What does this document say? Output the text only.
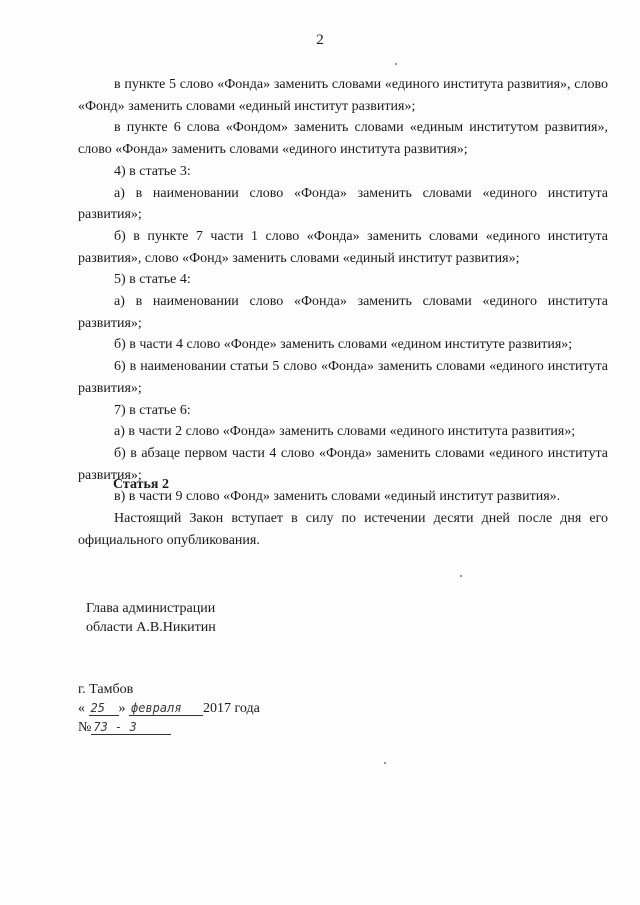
2

в пункте 5 слово «Фонда» заменить словами «единого института развития», слово «Фонд» заменить словами «единый институт развития»;

в пункте 6 слова «Фондом» заменить словами «единым институтом развития», слово «Фонда» заменить словами «единого института развития»;

4) в статье 3:

а) в наименовании слово «Фонда» заменить словами «единого института развития»;

б) в пункте 7 части 1 слово «Фонда» заменить словами «единого института развития», слово «Фонд» заменить словами «единый институт развития»;

5) в статье 4:

а) в наименовании слово «Фонда» заменить словами «единого института развития»;

б) в части 4 слово «Фонде» заменить словами «едином институте развития»;

6) в наименовании статьи 5 слово «Фонда» заменить словами «единого института развития»;

7) в статье 6:

а) в части 2 слово «Фонда» заменить словами «единого института развития»;

б) в абзаце первом части 4 слово «Фонда» заменить словами «единого института развития»;

в) в части 9 слово «Фонд» заменить словами «единый институт развития».

Статья 2
Настоящий Закон вступает в силу по истечении десяти дней после дня его официального опубликования.
Глава администрации
области А.В.Никитин
г. Тамбов
« 25 » февраля 2017 года
№ 73 - 3
